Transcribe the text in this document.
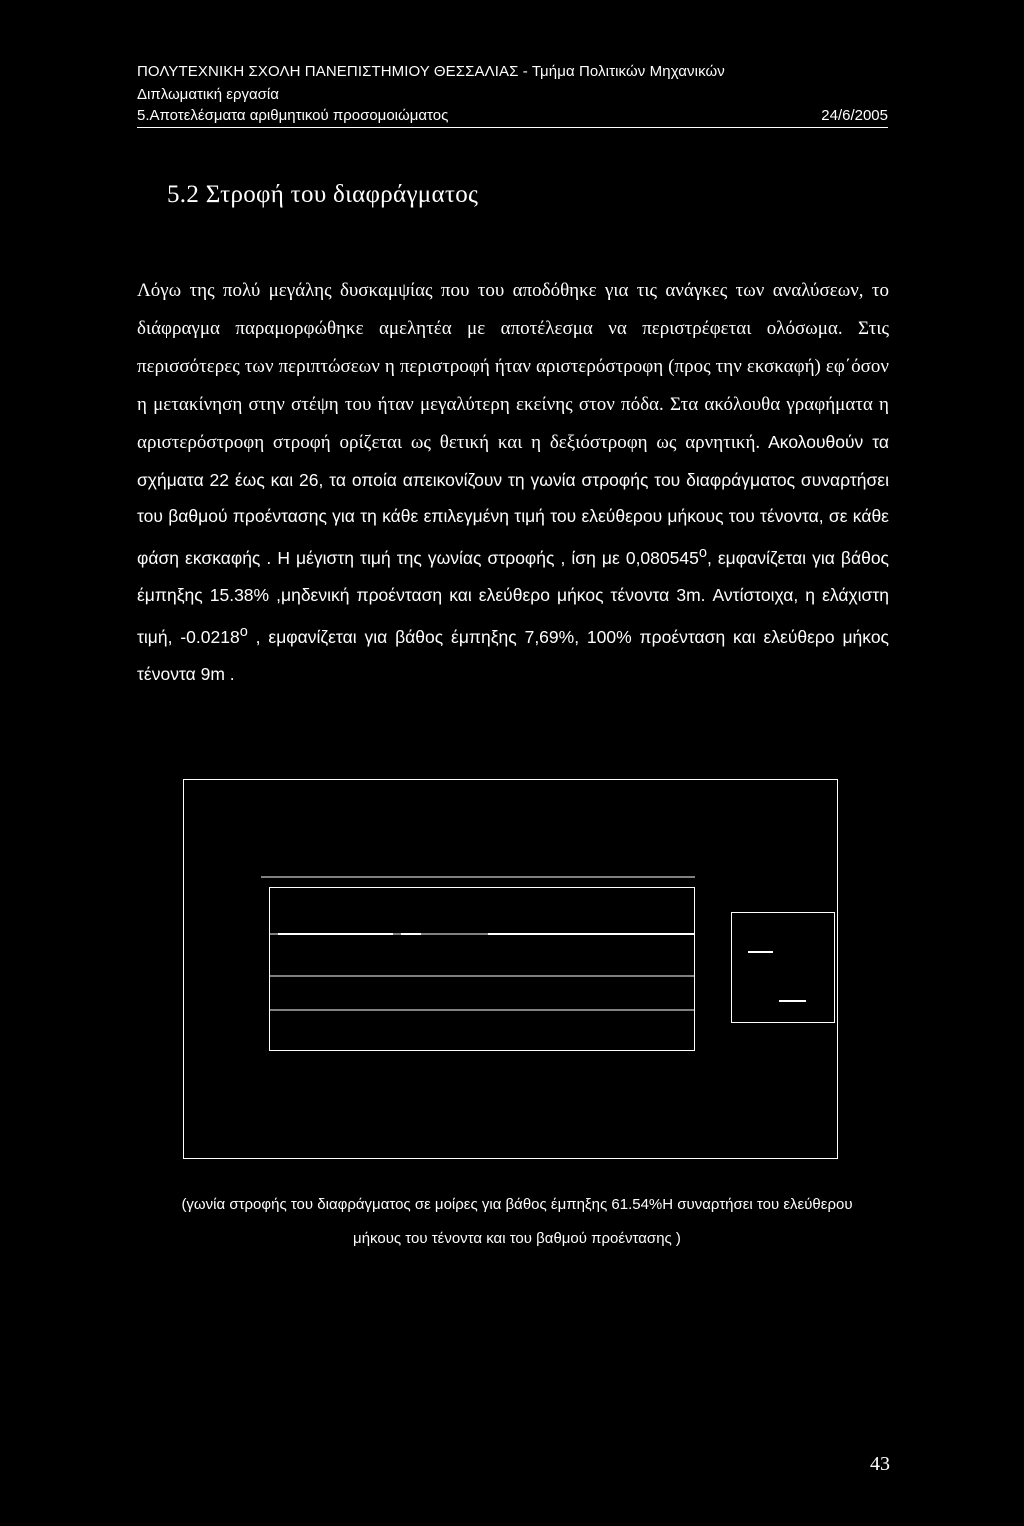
ΠΟΛΥΤΕΧΝΙΚΗ ΣΧΟΛΗ ΠΑΝΕΠΙΣΤΗΜΙΟΥ ΘΕΣΣΑΛΙΑΣ - Τμήμα Πολιτικών Μηχανικών
Διπλωματική εργασία
5.Αποτελέσματα αριθμητικού προσομοιώματος	24/6/2005
5.2 Στροφή του διαφράγματος

Λόγω της πολύ μεγάλης δυσκαμψίας που του αποδόθηκε για τις ανάγκες των αναλύσεων, το διάφραγμα παραμορφώθηκε αμελητέα με αποτέλεσμα να περιστρέφεται ολόσωμα. Στις περισσότερες των περιπτώσεων η περιστροφή ήταν αριστερόστροφη (προς την εκσκαφή) εφ΄όσον η μετακίνηση στην στέψη του ήταν μεγαλύτερη εκείνης στον πόδα. Στα ακόλουθα γραφήματα η αριστερόστροφη στροφή ορίζεται ως θετική και η δεξιόστροφη ως αρνητική. Ακολουθούν τα σχήματα 22 έως και 26, τα οποία απεικονίζουν τη γωνία στροφής του διαφράγματος συναρτήσει του βαθμού προέντασης για τη κάθε επιλεγμένη τιμή του ελεύθερου μήκους του τένοντα, σε κάθε φάση εκσκαφής . Η μέγιστη τιμή της γωνίας στροφής , ίση με $0,080545^o$, εμφανίζεται για βάθος έμπηξης 15.38% ,μηδενική προένταση και ελεύθερο μήκος τένοντα 3m. Αντίστοιχα, η ελάχιστη τιμή, $-0.0218^o$ , εμφανίζεται για βάθος έμπηξης 7,69%, 100% προένταση και ελεύθερο μήκος τένοντα 9m .

(γωνία στροφής του διαφράγματος σε μοίρες για βάθος έμπηξης 61.54%Η συναρτήσει του ελεύθερου
μήκους του τένοντα και του βαθμού προέντασης )
43
